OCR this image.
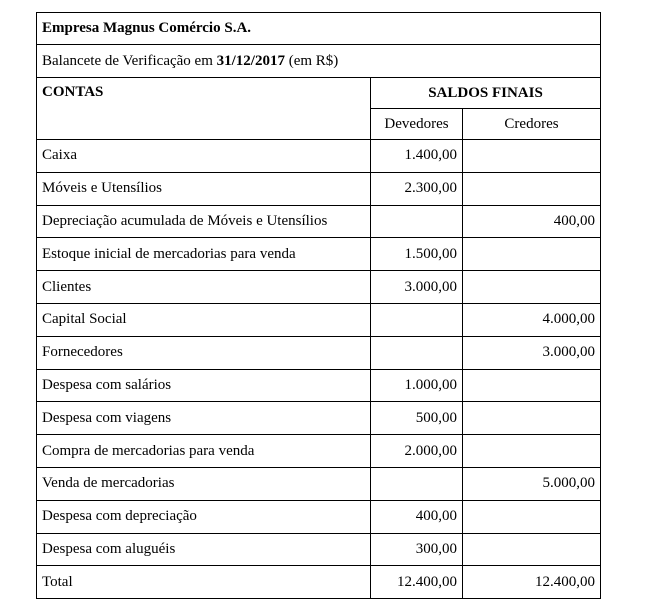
Empresa Magnus Comércio S.A.		
Balancete de Verificação em 31/12/2017 (em R$)		
CONTAS	SALDOS FINAIS	
	Devedores	Credores
Caixa	1.400,00	
Móveis e Utensílios	2.300,00	
Depreciação acumulada de Móveis e Utensílios		400,00
Estoque inicial de mercadorias para venda	1.500,00	
Clientes	3.000,00	
Capital Social		4.000,00
Fornecedores		3.000,00
Despesa com salários	1.000,00	
Despesa com viagens	500,00	
Compra de mercadorias para venda	2.000,00	
Venda de mercadorias		5.000,00
Despesa com depreciação	400,00	
Despesa com aluguéis	300,00	
Total	12.400,00	12.400,00
